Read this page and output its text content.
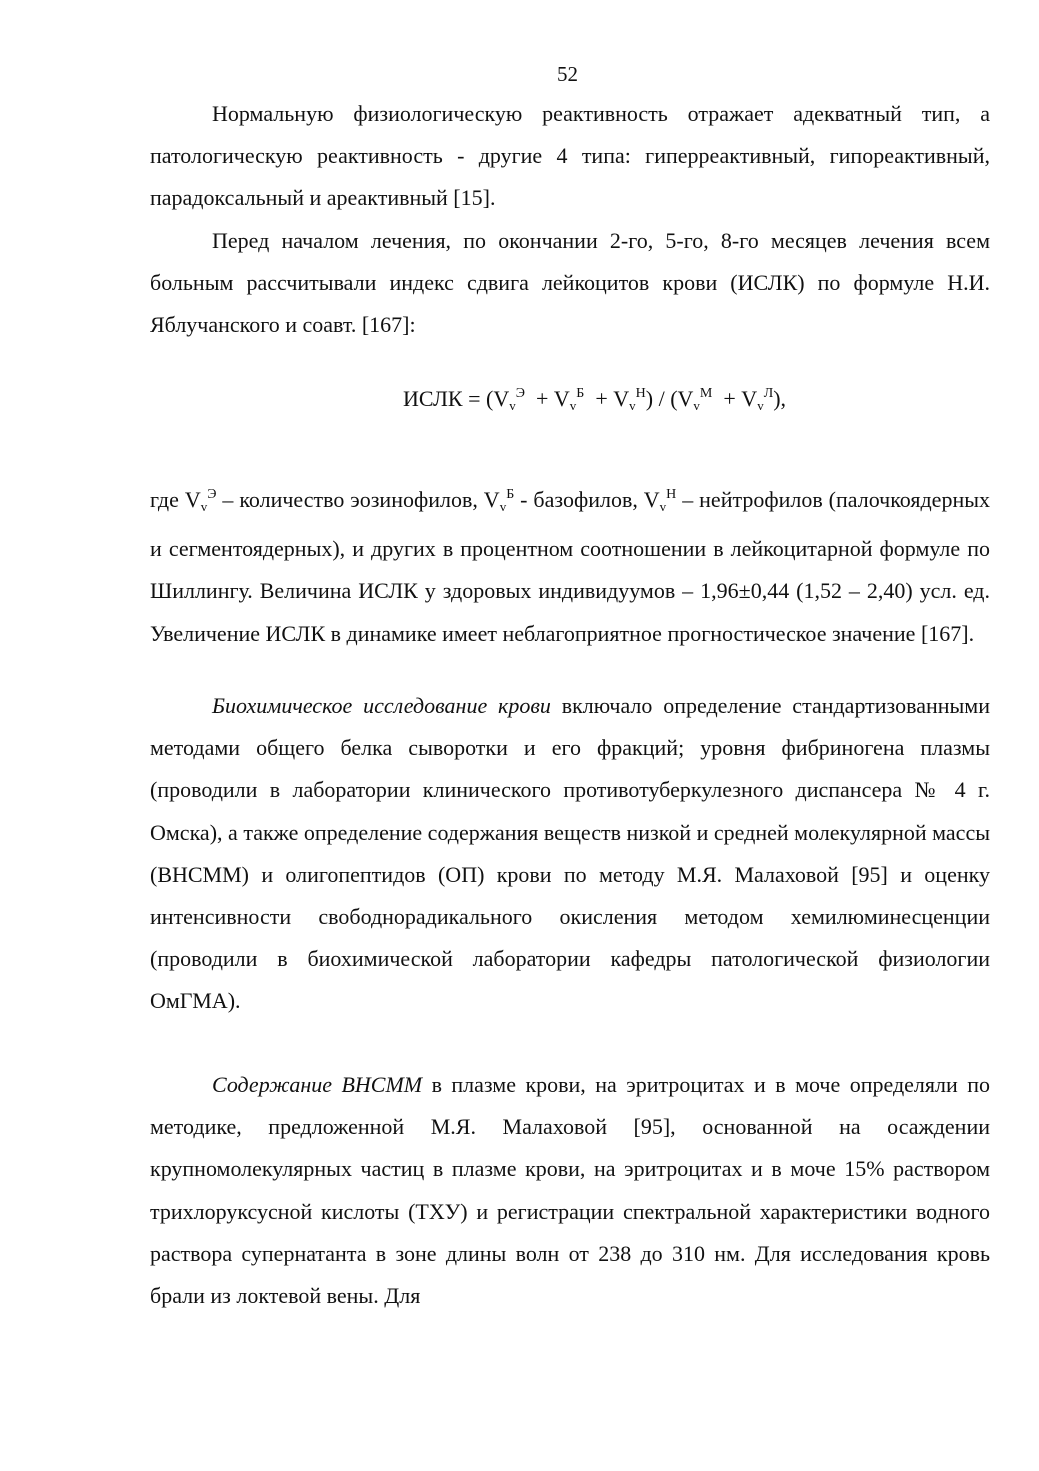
52

Нормальную физиологическую реактивность отражает адекватный тип, а патологическую реактивность - другие 4 типа: гиперреактивный, гипореактивный, парадоксальный и ареактивный [15].

Перед началом лечения, по окончании 2-го, 5-го, 8-го месяцев лечения всем больным рассчитывали индекс сдвига лейкоцитов крови (ИСЛК) по формуле Н.И. Яблучанского и соавт. [167]:

ИСЛК = $(V_v^Э + V_v^Б + V_v^Н) / (V_v^М + V_v^Л)$,

где $V_v^Э$ – количество эозинофилов, $V_v^Б$ - базофилов, $V_v^Н$ – нейтрофилов (палочкоядерных и сегментоядерных), и других в процентном соотношении в лейкоцитарной формуле по Шиллингу. Величина ИСЛК у здоровых индивидуумов – 1,96±0,44 (1,52 – 2,40) усл. ед. Увеличение ИСЛК в динамике имеет неблагоприятное прогностическое значение [167].

Биохимическое исследование крови включало определение стандартизованными методами общего белка сыворотки и его фракций; уровня фибриногена плазмы (проводили в лаборатории клинического противотуберкулезного диспансера № 4 г. Омска), а также определение содержания веществ низкой и средней молекулярной массы (ВНСММ) и олигопептидов (ОП) крови по методу М.Я. Малаховой [95] и оценку интенсивности свободнорадикального окисления методом хемилюминесценции (проводили в биохимической лаборатории кафедры патологической физиологии ОмГМА).

Содержание ВНСММ в плазме крови, на эритроцитах и в моче определяли по методике, предложенной М.Я. Малаховой [95], основанной на осаждении крупномолекулярных частиц в плазме крови, на эритроцитах и в моче 15% раствором трихлоруксусной кислоты (ТХУ) и регистрации спектральной характеристики водного раствора супернатанта в зоне длины волн от 238 до 310 нм. Для исследования кровь брали из локтевой вены. Для
